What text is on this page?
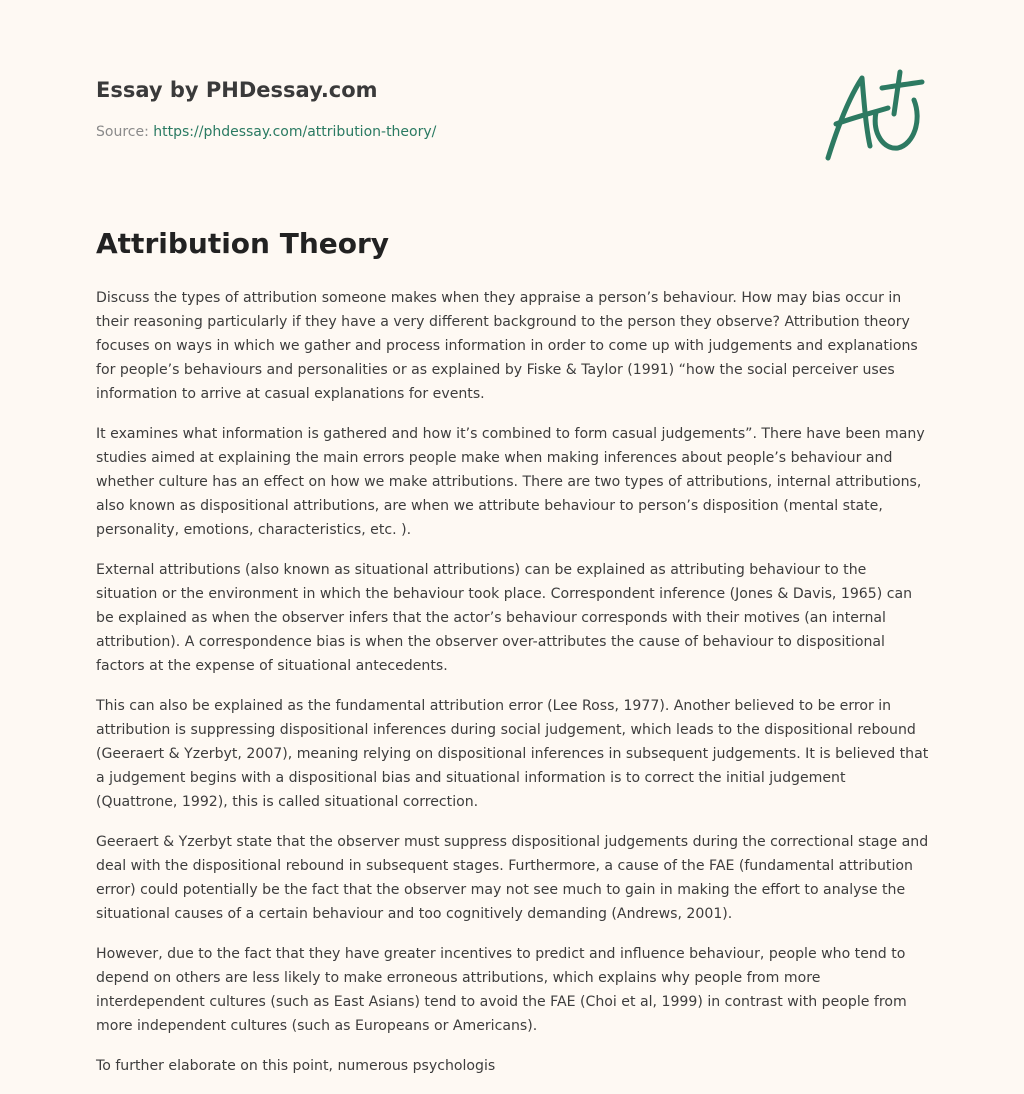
Essay by PHDessay.com
Source: https://phdessay.com/attribution-theory/
Attribution Theory

Discuss the types of attribution someone makes when they appraise a person’s behaviour. How may bias occur in their reasoning particularly if they have a very different background to the person they observe? Attribution theory focuses on ways in which we gather and process information in order to come up with judgements and explanations for people’s behaviours and personalities or as explained by Fiske & Taylor (1991) “how the social perceiver uses information to arrive at casual explanations for events.

It examines what information is gathered and how it’s combined to form casual judgements”. There have been many studies aimed at explaining the main errors people make when making inferences about people’s behaviour and whether culture has an effect on how we make attributions. There are two types of attributions, internal attributions, also known as dispositional attributions, are when we attribute behaviour to person’s disposition (mental state, personality, emotions, characteristics, etc. ).

External attributions (also known as situational attributions) can be explained as attributing behaviour to the situation or the environment in which the behaviour took place. Correspondent inference (Jones & Davis, 1965) can be explained as when the observer infers that the actor’s behaviour corresponds with their motives (an internal attribution). A correspondence bias is when the observer over-attributes the cause of behaviour to dispositional factors at the expense of situational antecedents.

This can also be explained as the fundamental attribution error (Lee Ross, 1977). Another believed to be error in attribution is suppressing dispositional inferences during social judgement, which leads to the dispositional rebound (Geeraert & Yzerbyt, 2007), meaning relying on dispositional inferences in subsequent judgements. It is believed that a judgement begins with a dispositional bias and situational information is to correct the initial judgement (Quattrone, 1992), this is called situational correction.

Geeraert & Yzerbyt state that the observer must suppress dispositional judgements during the correctional stage and deal with the dispositional rebound in subsequent stages. Furthermore, a cause of the FAE (fundamental attribution error) could potentially be the fact that the observer may not see much to gain in making the effort to analyse the situational causes of a certain behaviour and too cognitively demanding (Andrews, 2001).

However, due to the fact that they have greater incentives to predict and influence behaviour, people who tend to depend on others are less likely to make erroneous attributions, which explains why people from more interdependent cultures (such as East Asians) tend to avoid the FAE (Choi et al, 1999) in contrast with people from more independent cultures (such as Europeans or Americans).

To further elaborate on this point, numerous psychologis
